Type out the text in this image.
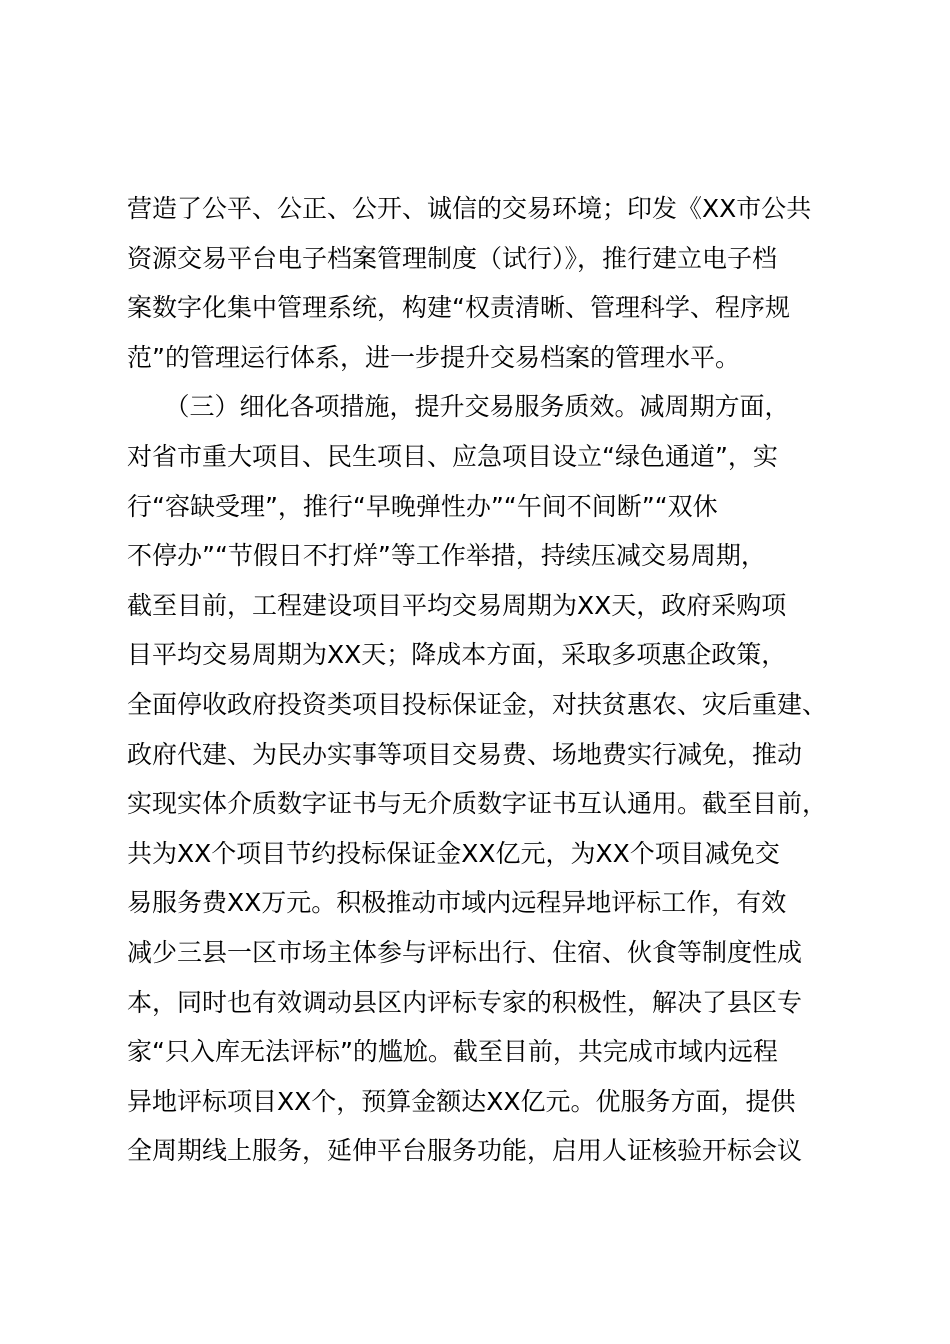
营造了公平、公正、公开、诚信的交易环境；印发《XX市公共
资源交易平台电子档案管理制度（试行）》，推行建立电子档
案数字化集中管理系统，构建“权责清晰、管理科学、程序规
范”的管理运行体系，进一步提升交易档案的管理水平。
　　（三）细化各项措施，提升交易服务质效。减周期方面，
对省市重大项目、民生项目、应急项目设立“绿色通道”，实
行“容缺受理”，推行“早晚弹性办”“午间不间断”“双休
不停办”“节假日不打烊”等工作举措，持续压减交易周期，
截至目前，工程建设项目平均交易周期为XX天，政府采购项
目平均交易周期为XX天；降成本方面，采取多项惠企政策，
全面停收政府投资类项目投标保证金，对扶贫惠农、灾后重建、
政府代建、为民办实事等项目交易费、场地费实行减免，推动
实现实体介质数字证书与无介质数字证书互认通用。截至目前，
共为XX个项目节约投标保证金XX亿元，为XX个项目减免交
易服务费XX万元。积极推动市域内远程异地评标工作，有效
减少三县一区市场主体参与评标出行、住宿、伙食等制度性成
本，同时也有效调动县区内评标专家的积极性，解决了县区专
家“只入库无法评标”的尴尬。截至目前，共完成市域内远程
异地评标项目XX个，预算金额达XX亿元。优服务方面，提供
全周期线上服务，延伸平台服务功能，启用人证核验开标会议
